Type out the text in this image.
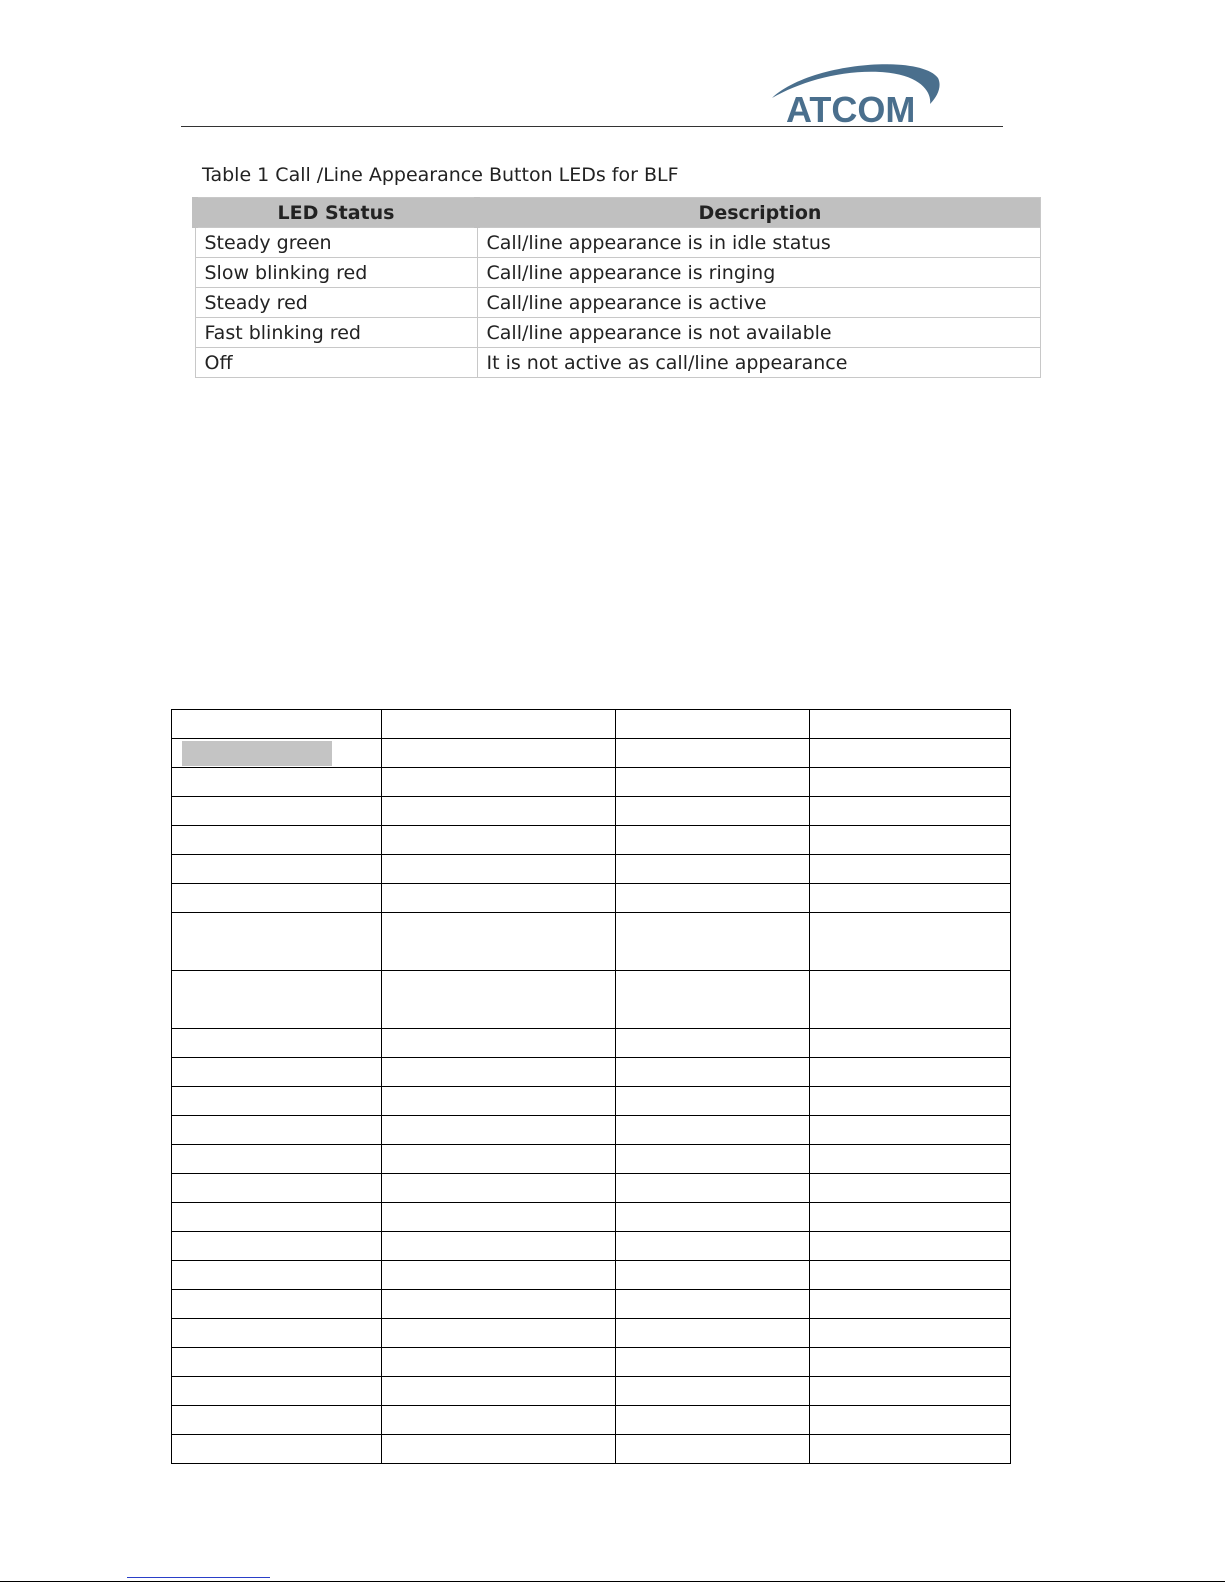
ATCOM
Table 1 Call /Line Appearance Button LEDs for BLF
LED Status	Description
Steady green	Call/line appearance is in idle status
Slow blinking red	Call/line appearance is ringing
Steady red	Call/line appearance is active
Fast blinking red	Call/line appearance is not available
Off	It is not active as call/line appearance
